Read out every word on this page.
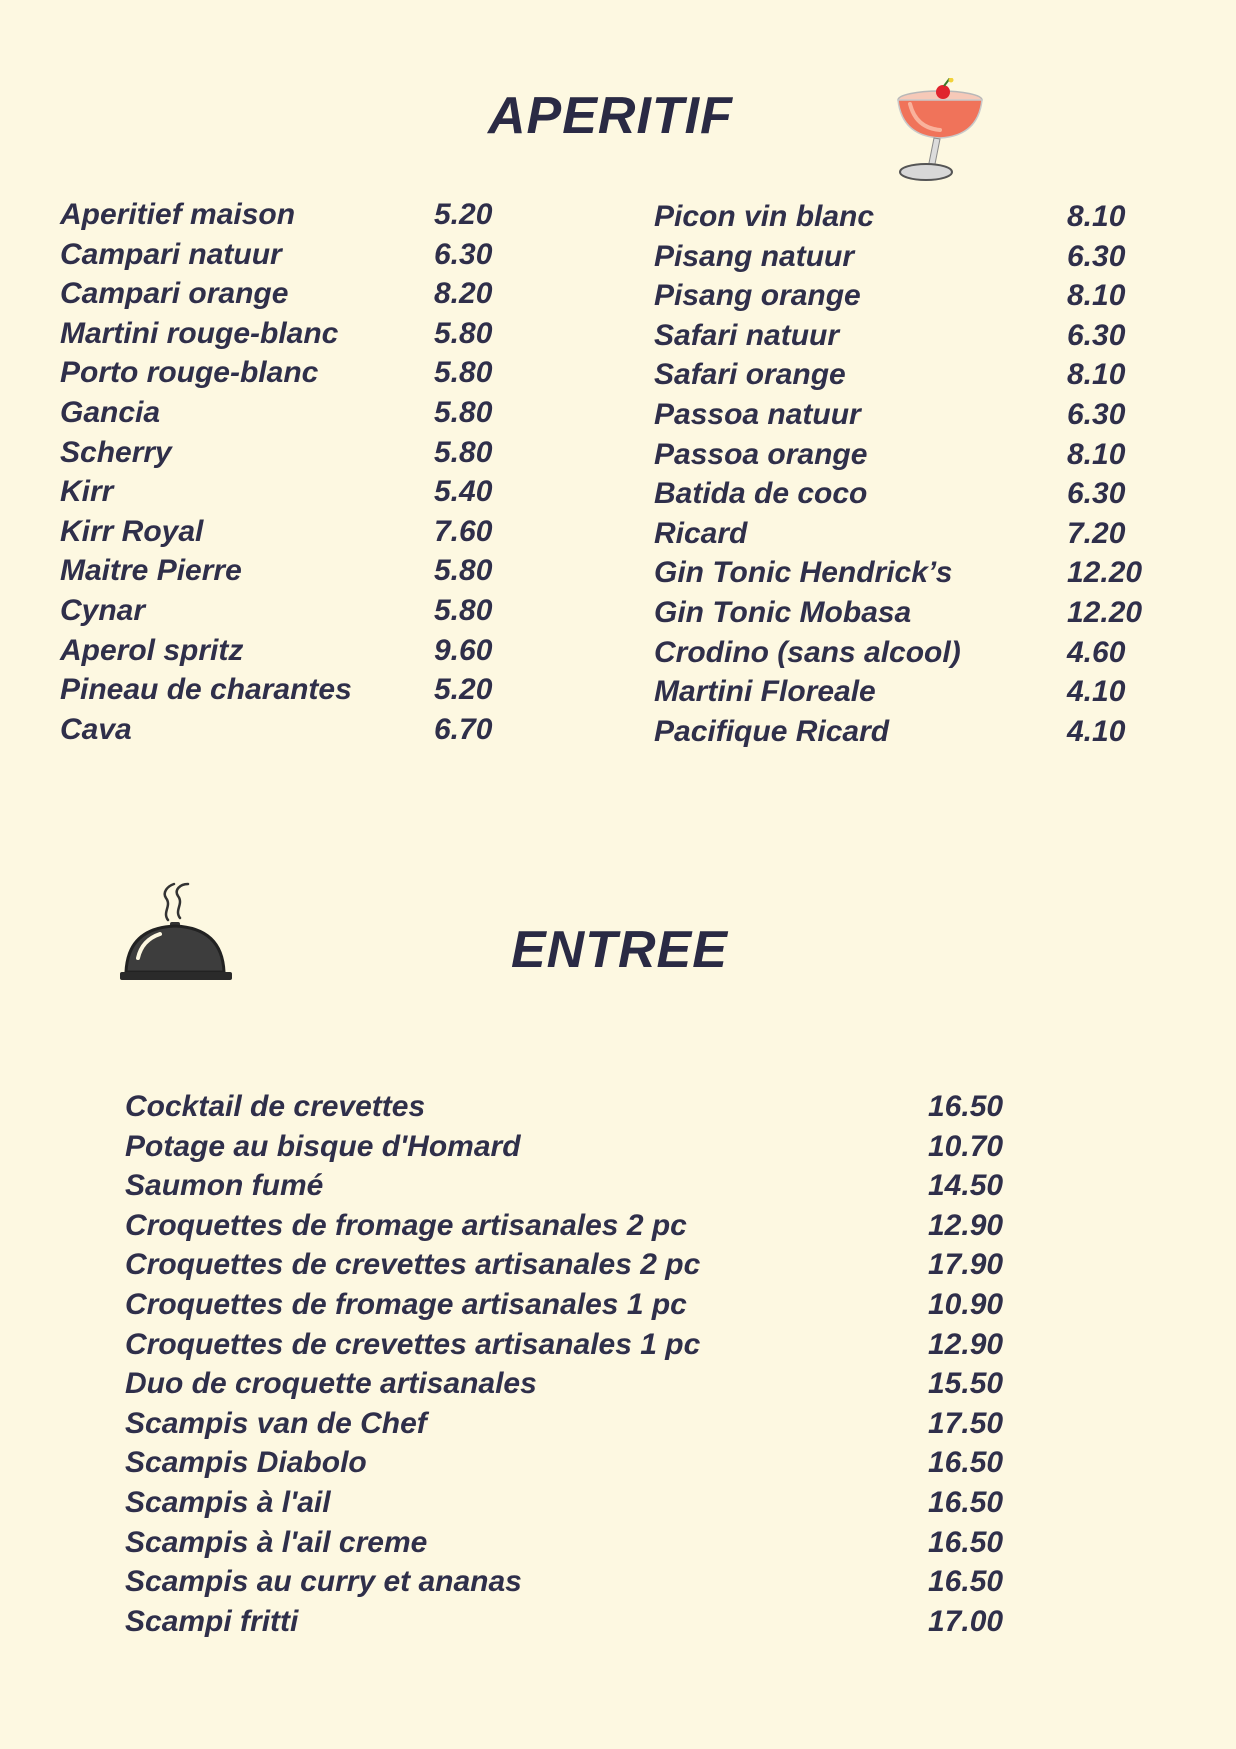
APERITIF
Aperitief maison	5.20
Campari natuur	6.30
Campari orange	8.20
Martini rouge-blanc	5.80
Porto rouge-blanc	5.80
Gancia	5.80
Scherry	5.80
Kirr	5.40
Kirr Royal	7.60
Maitre Pierre	5.80
Cynar	5.80
Aperol spritz	9.60
Pineau de charantes	5.20
Cava	6.70
Picon vin blanc	8.10
Pisang natuur	6.30
Pisang orange	8.10
Safari natuur	6.30
Safari orange	8.10
Passoa natuur	6.30
Passoa orange	8.10
Batida de coco	6.30
Ricard	7.20
Gin Tonic Hendrick’s	12.20
Gin Tonic Mobasa	12.20
Crodino (sans alcool)	4.60
Martini Floreale	4.10
Pacifique Ricard	4.10
ENTREE
Cocktail de crevettes	16.50
Potage au bisque d'Homard	10.70
Saumon fumé	14.50
Croquettes de fromage artisanales 2 pc	12.90
Croquettes de crevettes artisanales 2 pc	17.90
Croquettes de fromage artisanales 1 pc	10.90
Croquettes de crevettes artisanales 1 pc	12.90
Duo de croquette artisanales	15.50
Scampis van de Chef	17.50
Scampis Diabolo	16.50
Scampis à l'ail	16.50
Scampis à l'ail creme	16.50
Scampis au curry et ananas	16.50
Scampi fritti	17.00
